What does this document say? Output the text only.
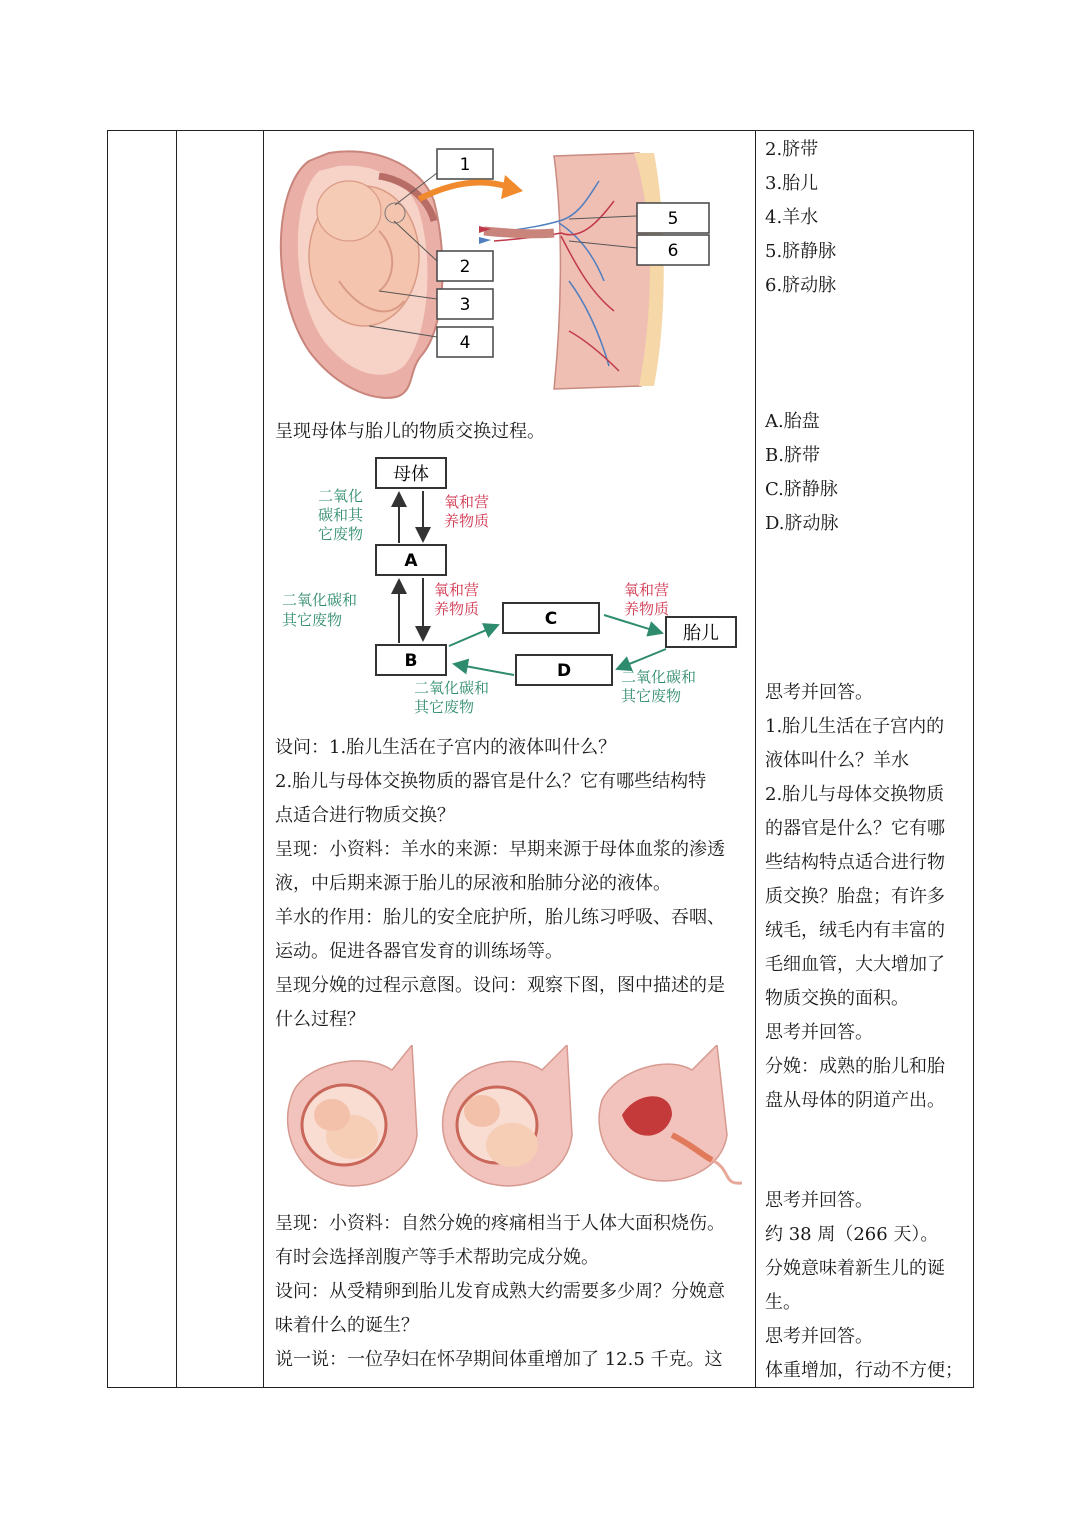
1
2
3
4
5
6
呈现母体与胎儿的物质交换过程。
母体
A
B
C
D
胎儿
二氧化
碳和其
它废物
氧和营
养物质
二氧化碳和
其它废物
氧和营
养物质
氧和营
养物质
二氧化碳和
其它废物
二氧化碳和
其它废物
设问：1.胎儿生活在子宫内的液体叫什么？
2.胎儿与母体交换物质的器官是什么？它有哪些结构特
点适合进行物质交换？
呈现：小资料：羊水的来源：早期来源于母体血浆的渗透
液，中后期来源于胎儿的尿液和胎肺分泌的液体。
羊水的作用：胎儿的安全庇护所，胎儿练习呼吸、吞咽、
运动。促进各器官发育的训练场等。
呈现分娩的过程示意图。设问：观察下图，图中描述的是
什么过程？
呈现：小资料：自然分娩的疼痛相当于人体大面积烧伤。
有时会选择剖腹产等手术帮助完成分娩。
设问：从受精卵到胎儿发育成熟大约需要多少周？分娩意
味着什么的诞生？
说一说：一位孕妇在怀孕期间体重增加了 12.5 千克。这
2.脐带
3.胎儿
4.羊水
5.脐静脉
6.脐动脉
A.胎盘
B.脐带
C.脐静脉
D.脐动脉
思考并回答。
1.胎儿生活在子宫内的
液体叫什么？羊水
2.胎儿与母体交换物质
的器官是什么？它有哪
些结构特点适合进行物
质交换？胎盘；有许多
绒毛，绒毛内有丰富的
毛细血管，大大增加了
物质交换的面积。
思考并回答。
分娩：成熟的胎儿和胎
盘从母体的阴道产出。
思考并回答。
约 38 周（266 天）。
分娩意味着新生儿的诞
生。
思考并回答。
体重增加，行动不方便；
